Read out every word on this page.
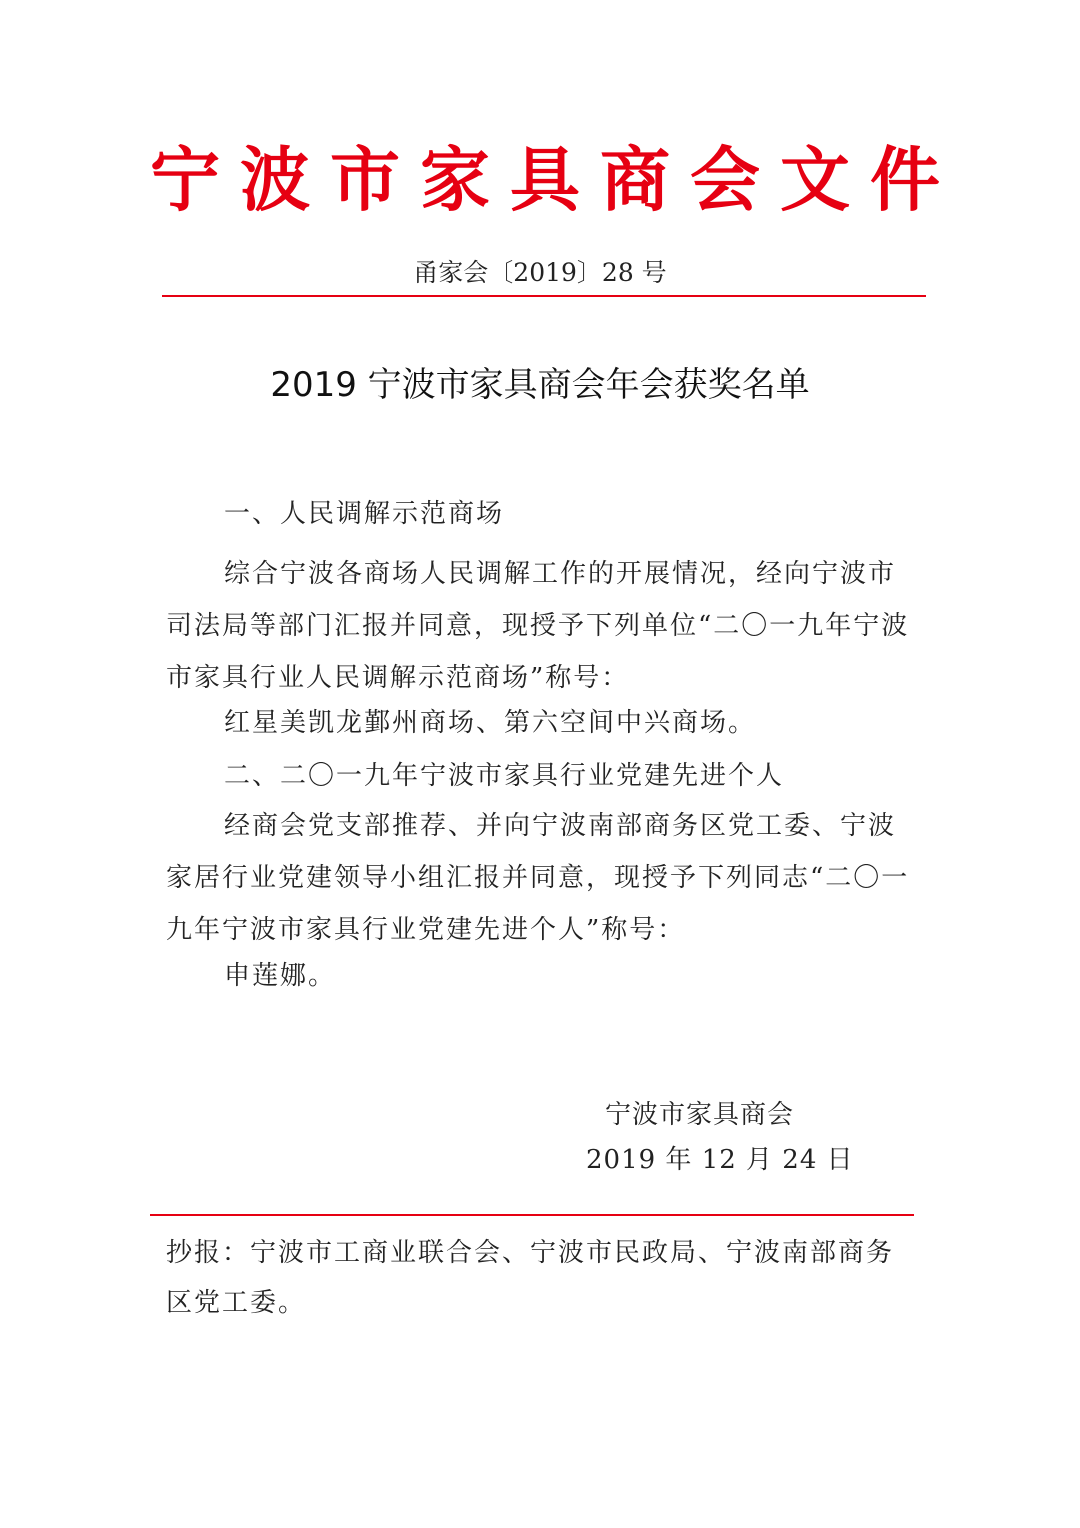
宁波市家具商会文件
甬家会〔2019〕28 号
2019 宁波市家具商会年会获奖名单

一、人民调解示范商场

综合宁波各商场人民调解工作的开展情况，经向宁波市司法局等部门汇报并同意，现授予下列单位“二〇一九年宁波市家具行业人民调解示范商场”称号：

红星美凯龙鄞州商场、第六空间中兴商场。

二、二〇一九年宁波市家具行业党建先进个人

经商会党支部推荐、并向宁波南部商务区党工委、宁波家居行业党建领导小组汇报并同意，现授予下列同志“二〇一九年宁波市家具行业党建先进个人”称号：

申莲娜。

宁波市家具商会
2019 年 12 月 24 日

抄报：宁波市工商业联合会、宁波市民政局、宁波南部商务区党工委。
